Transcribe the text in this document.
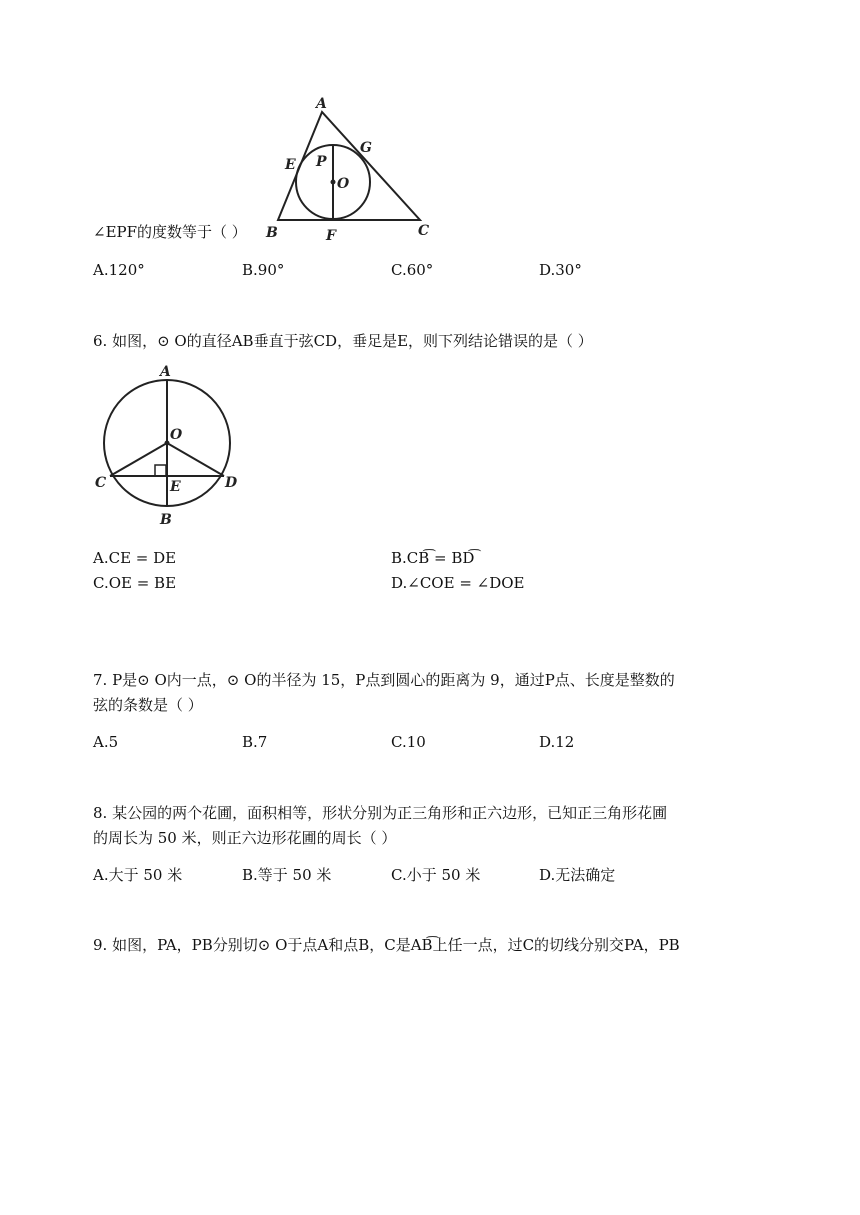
A
E P
G
O
B	F	C
∠EPF的度数等于（ ）
A.120°	B.90°	C.60°	D.30°
6. 如图，⊙ O的直径AB垂直于弦CD，垂足是E，则下列结论错误的是（ ）
A
O
C	D
E
B
A.CE = DE	B.CB͡ = BD͡
C.OE = BE	D.∠COE = ∠DOE
7. P是⊙ O内一点，⊙ O的半径为 15，P点到圆心的距离为 9，通过P点、长度是整数的
弦的条数是（ ）
A.5	B.7	C.10	D.12
8. 某公园的两个花圃，面积相等，形状分别为正三角形和正六边形，已知正三角形花圃
的周长为 50 米，则正六边形花圃的周长（ ）
A.大于 50 米	B.等于 50 米	C.小于 50 米	D.无法确定
9. 如图，PA，PB分别切⊙ O于点A和点B，C是AB͡上任一点，过C的切线分别交PA，PB
